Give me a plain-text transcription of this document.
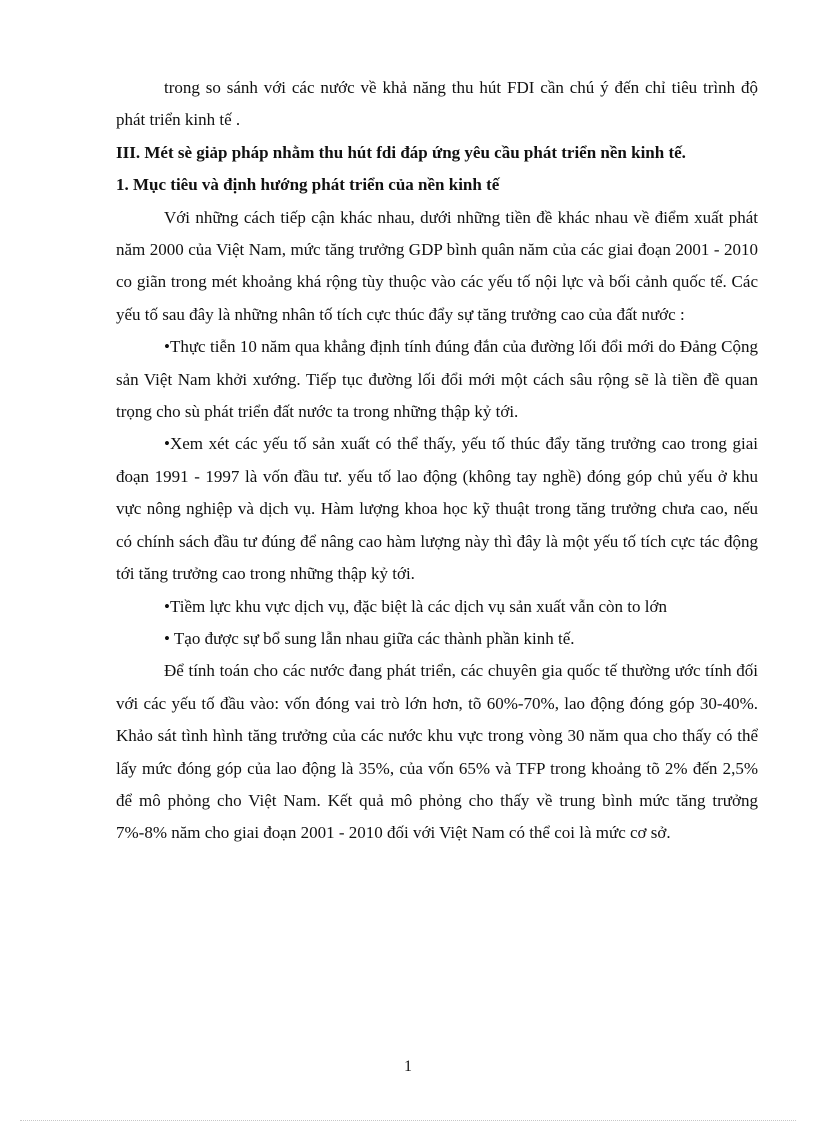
trong so sánh với các nước về khả năng thu hút FDI cần chú ý đến chỉ tiêu trình độ phát triển kinh tế .

III. Mét sè giảp pháp nhằm thu hút fdi đáp ứng yêu cầu phát triển nền kinh tế.

1. Mục tiêu và định hướng phát triển của nền kinh tế

Với những cách tiếp cận khác nhau, dưới những tiền đề khác nhau về điểm xuất phát năm 2000 của Việt Nam, mức tăng trưởng GDP bình quân năm của các giai đoạn 2001 - 2010 co giãn trong mét khoảng khá rộng tùy thuộc vào các yếu tố nội lực và bối cảnh quốc tế. Các yếu tố sau đây là những nhân tố tích cực thúc đẩy sự tăng trưởng cao của đất nước :

•Thực tiễn 10 năm qua khẳng định tính đúng đắn của đường lối đổi mới do Đảng Cộng sản Việt Nam khởi xướng. Tiếp tục đường lối đổi mới một cách sâu rộng sẽ là tiền đề quan trọng cho sù phát triển đất nước ta trong những thập kỷ tới.

•Xem xét các yếu tố sản xuất có thể thấy, yếu tố thúc đẩy tăng trưởng cao trong giai đoạn 1991 - 1997 là vốn đầu tư. yếu tố lao động (không tay nghề) đóng góp chủ yếu ở khu vực nông nghiệp và dịch vụ. Hàm lượng khoa học kỹ thuật trong tăng trưởng chưa cao, nếu có chính sách đầu tư đúng để nâng cao hàm lượng này thì đây là một yếu tố tích cực tác động tới tăng trưởng cao trong những thập kỷ tới.

•Tiềm lực khu vực dịch vụ, đặc biệt là các dịch vụ sản xuất vẫn còn to lớn

• Tạo được sự bổ sung lẫn nhau giữa các thành phần kinh tế.

Để tính toán cho các nước đang phát triển, các chuyên gia quốc tế thường ước tính đối với các yếu tố đầu vào: vốn đóng vai trò lớn hơn, tõ 60%-70%, lao động đóng góp 30-40%. Khảo sát tình hình tăng trưởng của các nước khu vực trong vòng 30 năm qua cho thấy có thể lấy mức đóng góp của lao động là 35%, của vốn 65% và TFP trong khoảng tõ 2% đến 2,5% để mô phỏng cho Việt Nam. Kết quả mô phỏng cho thấy về trung bình mức tăng trưởng 7%-8% năm cho giai đoạn 2001 - 2010 đối với Việt Nam có thể coi là mức cơ sở.

1
